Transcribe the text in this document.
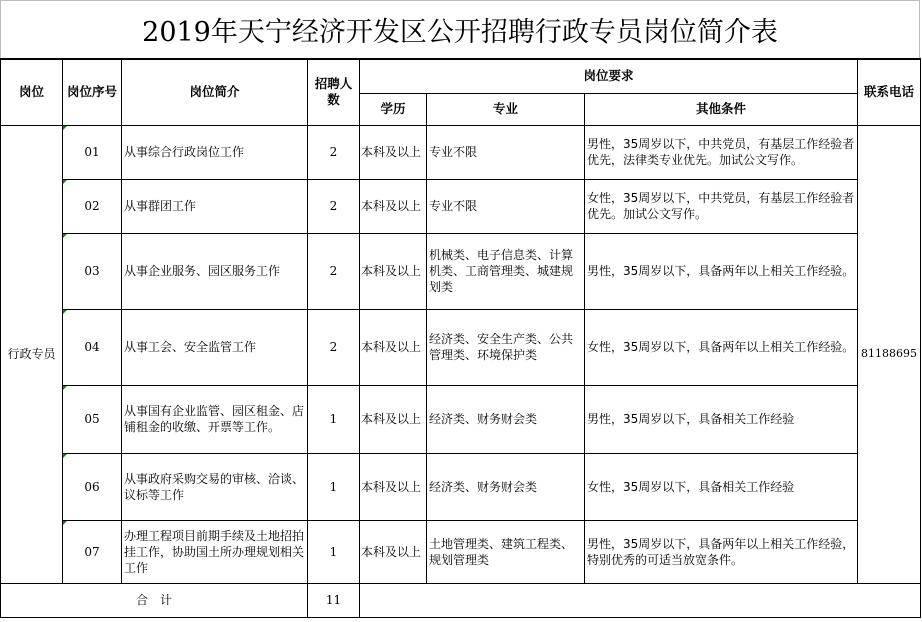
2019年天宁经济开发区公开招聘行政专员岗位简介表
岗位	岗位序号	岗位简介	招聘人数	岗位要求			联系电话
				学历	专业	其他条件	
行政专员	01	从事综合行政岗位工作	2	本科及以上	专业不限	男性，35周岁以下，中共党员，有基层工作经验者优先，法律类专业优先。加试公文写作。	81188695

02	从事群团工作	2	本科及以上	专业不限	女性，35周岁以下，中共党员，有基层工作经验者优先。加试公文写作。	

03	从事企业服务、园区服务工作	2	本科及以上	机械类、电子信息类、计算机类、工商管理类、城建规划类	男性，35周岁以下，具备两年以上相关工作经验。	

04	从事工会、安全监管工作	2	本科及以上	经济类、安全生产类、公共管理类、环境保护类	女性，35周岁以下，具备两年以上相关工作经验。	

05	从事国有企业监管、园区租金、店铺租金的收缴、开票等工作。	1	本科及以上	经济类、财务财会类	男性，35周岁以下，具备相关工作经验	

06	从事政府采购交易的审核、洽谈、议标等工作	1	本科及以上	经济类、财务财会类	女性，35周岁以下，具备相关工作经验	

07	办理工程项目前期手续及土地招拍挂工作，协助国土所办理规划相关工作	1	本科及以上	土地管理类、建筑工程类、规划管理类	男性，35周岁以下，具备两年以上相关工作经验，特别优秀的可适当放宽条件。	
合　计			11				
